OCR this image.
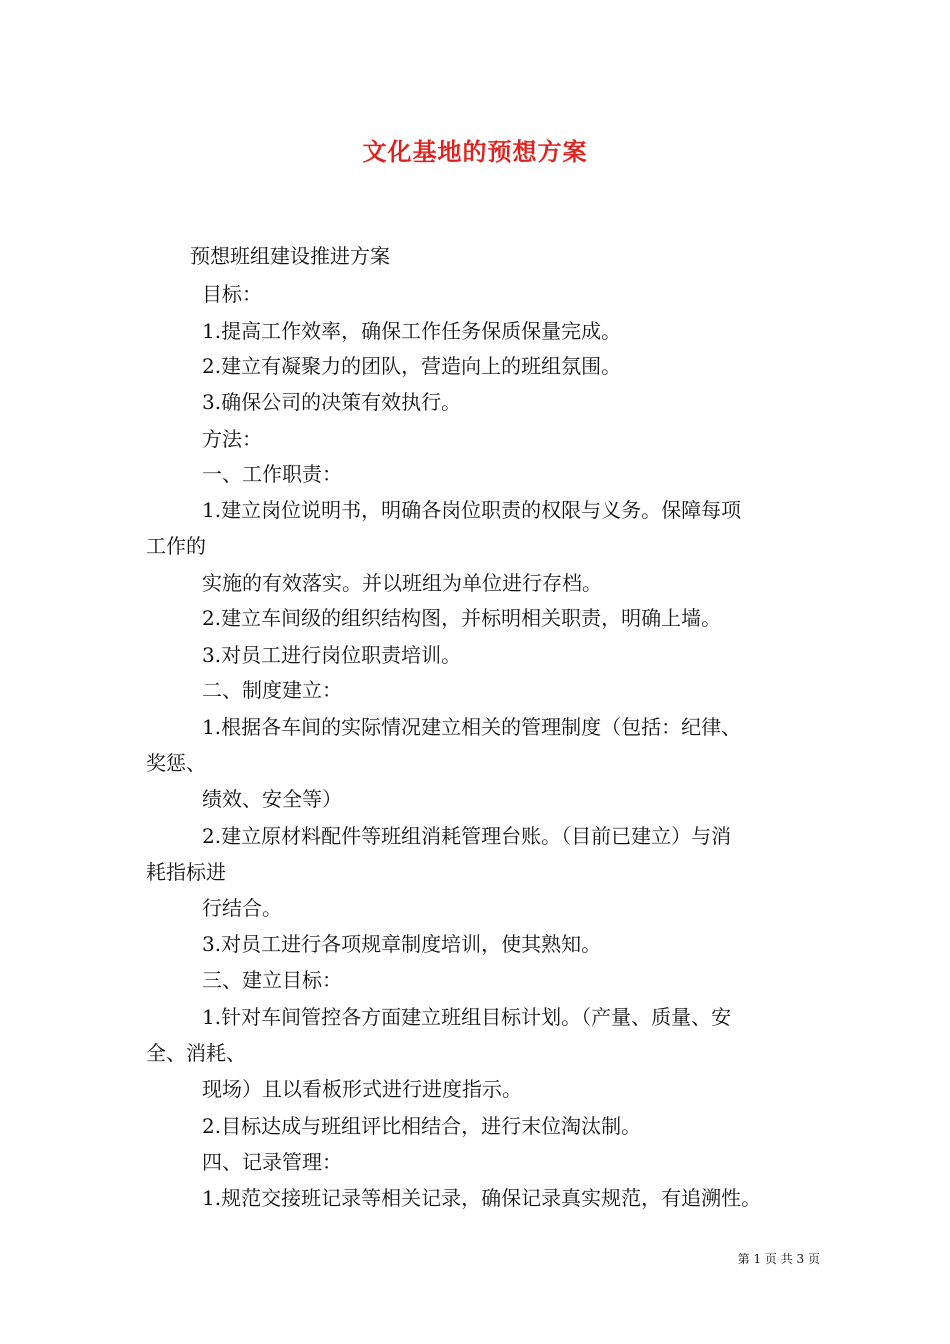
文化基地的预想方案
预想班组建设推进方案
目标：
1.提高工作效率，确保工作任务保质保量完成。
2.建立有凝聚力的团队，营造向上的班组氛围。
3.确保公司的决策有效执行。
方法：
一、工作职责：
1.建立岗位说明书，明确各岗位职责的权限与义务。保障每项
工作的
实施的有效落实。并以班组为单位进行存档。
2.建立车间级的组织结构图，并标明相关职责，明确上墙。
3.对员工进行岗位职责培训。
二、制度建立：
1.根据各车间的实际情况建立相关的管理制度（包括：纪律、
奖惩、
绩效、安全等）
2.建立原材料配件等班组消耗管理台账。（目前已建立）与消
耗指标进
行结合。
3.对员工进行各项规章制度培训，使其熟知。
三、建立目标：
1.针对车间管控各方面建立班组目标计划。（产量、质量、安
全、消耗、
现场）且以看板形式进行进度指示。
2.目标达成与班组评比相结合，进行末位淘汰制。
四、记录管理：
1.规范交接班记录等相关记录，确保记录真实规范，有追溯性。
第 1 页 共 3 页
